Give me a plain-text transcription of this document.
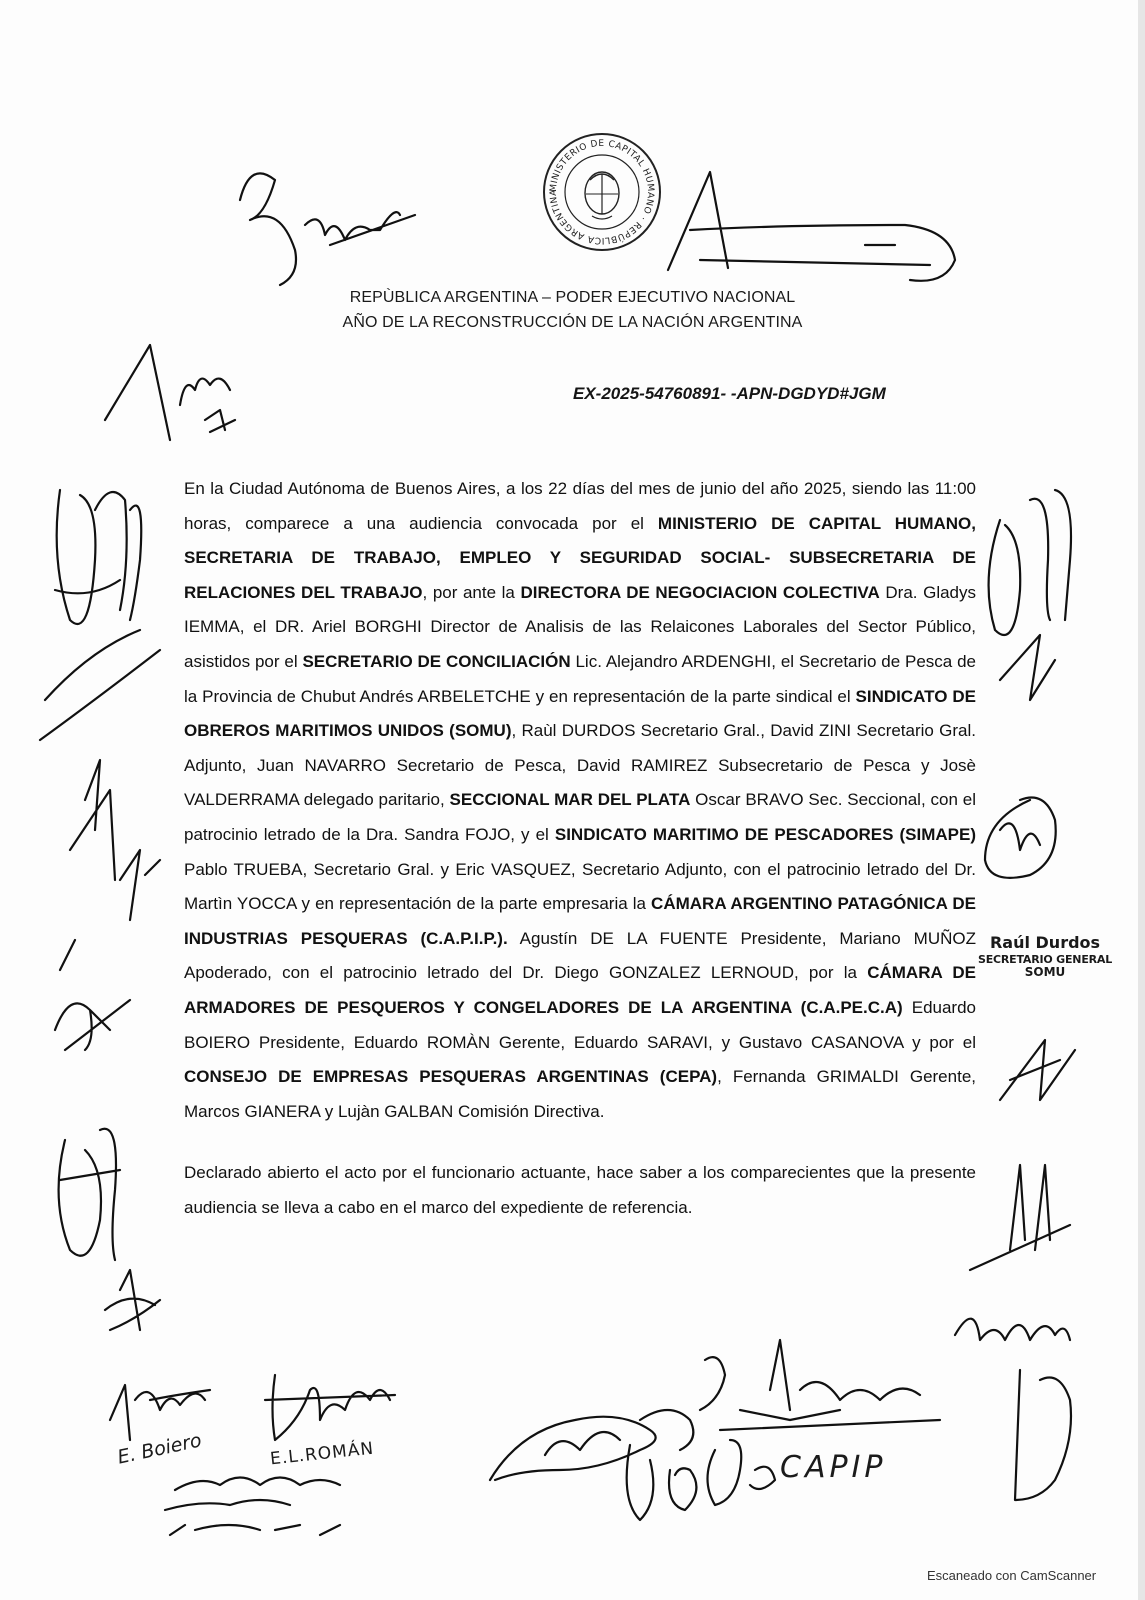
MINISTERIO DE CAPITAL HUMANO · REPÚBLICA ARGENTINA
REPÙBLICA ARGENTINA – PODER EJECUTIVO NACIONAL
AÑO DE LA RECONSTRUCCIÓN DE LA NACIÓN ARGENTINA
EX-2025-54760891- -APN-DGDYD#JGM

En la Ciudad Autónoma de Buenos Aires, a los 22 días del mes de junio del año 2025, siendo las 11:00 horas, comparece a una audiencia convocada por el MINISTERIO DE CAPITAL HUMANO, SECRETARIA DE TRABAJO, EMPLEO Y SEGURIDAD SOCIAL- SUBSECRETARIA DE RELACIONES DEL TRABAJO, por ante la DIRECTORA DE NEGOCIACION COLECTIVA Dra. Gladys IEMMA, el DR. Ariel BORGHI Director de Analisis de las Relaicones Laborales del Sector Público, asistidos por el SECRETARIO DE CONCILIACIÓN Lic. Alejandro ARDENGHI, el Secretario de Pesca de la Provincia de Chubut Andrés ARBELETCHE y en representación de la parte sindical el SINDICATO DE OBREROS MARITIMOS UNIDOS (SOMU), Raùl DURDOS Secretario Gral., David ZINI Secretario Gral. Adjunto, Juan NAVARRO Secretario de Pesca, David RAMIREZ Subsecretario de Pesca y Josè VALDERRAMA delegado paritario, SECCIONAL MAR DEL PLATA Oscar BRAVO Sec. Seccional, con el patrocinio letrado de la Dra. Sandra FOJO, y el SINDICATO MARITIMO DE PESCADORES (SIMAPE) Pablo TRUEBA, Secretario Gral. y Eric VASQUEZ, Secretario Adjunto, con el patrocinio letrado del Dr. Martìn YOCCA y en representación de la parte empresaria la CÁMARA ARGENTINO PATAGÓNICA DE INDUSTRIAS PESQUERAS (C.A.P.I.P.). Agustín DE LA FUENTE Presidente, Mariano MUÑOZ Apoderado, con el patrocinio letrado del Dr. Diego GONZALEZ LERNOUD, por la CÁMARA DE ARMADORES DE PESQUEROS Y CONGELADORES DE LA ARGENTINA (C.A.PE.C.A) Eduardo BOIERO Presidente, Eduardo ROMÀN Gerente, Eduardo SARAVI, y Gustavo CASANOVA y por el CONSEJO DE EMPRESAS PESQUERAS ARGENTINAS (CEPA), Fernanda GRIMALDI Gerente, Marcos GIANERA y Lujàn GALBAN Comisión Directiva.

Declarado abierto el acto por el funcionario actuante, hace saber a los comparecientes que la presente audiencia se lleva a cabo en el marco del expediente de referencia.

Raúl Durdos
SECRETARIO GENERAL
SOMU
E. Boiero	E.L.ROMÁN	CAPIP
Escaneado con CamScanner
